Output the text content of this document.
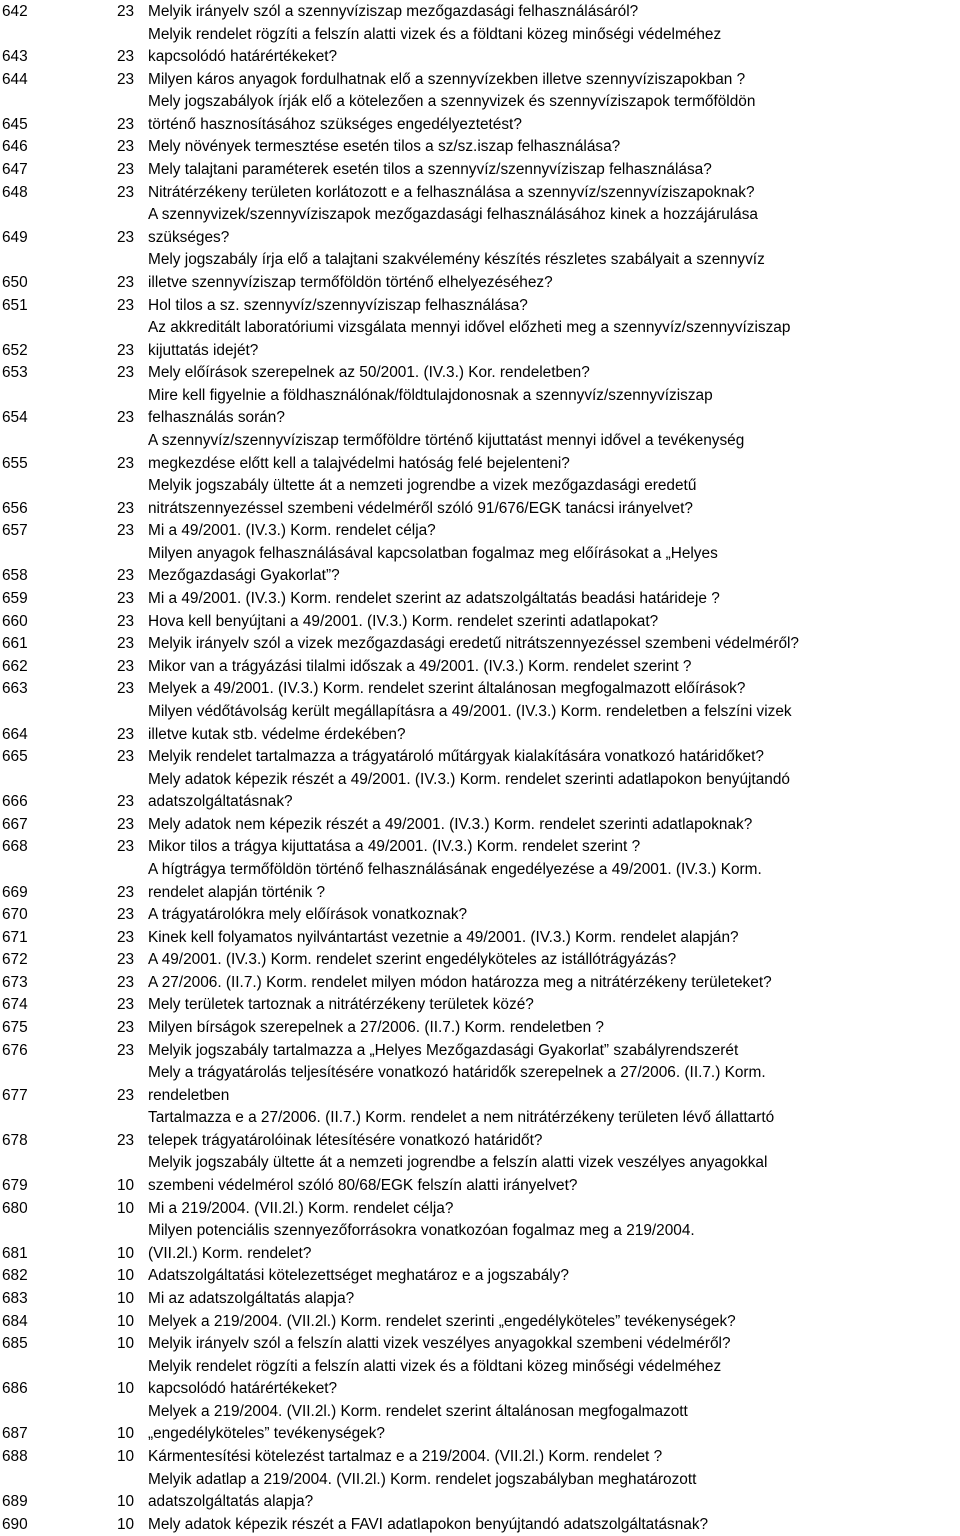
642	23 Melyik irányelv szól a szennyvíziszap mezőgazdasági felhasználásáról?
643	23
Melyik rendelet rögzíti a felszín alatti vizek és a földtani közeg minőségi védelméhez
kapcsolódó határértékeket?
644	23 Milyen káros anyagok fordulhatnak elő a szennyvízekben illetve szennyvíziszapokban ?
645	23
Mely jogszabályok írják elő a kötelezően a szennyvizek és szennyvíziszapok termőföldön
történő hasznosításához szükséges engedélyeztetést?
646	23 Mely növények termesztése esetén tilos a sz/sz.iszap felhasználása?
647	23 Mely talajtani paraméterek esetén tilos a szennyvíz/szennyvíziszap felhasználása?
648	23 Nitrátérzékeny területen korlátozott e a felhasználása a szennyvíz/szennyvíziszapoknak?
649	23
A szennyvizek/szennyvíziszapok mezőgazdasági felhasználásához kinek a hozzájárulása
szükséges?
650	23
Mely jogszabály írja elő a talajtani szakvélemény készítés részletes szabályait a szennyvíz
illetve szennyvíziszap termőföldön történő elhelyezéséhez?
651	23 Hol tilos a sz. szennyvíz/szennyvíziszap felhasználása?
652	23
Az akkreditált laboratóriumi vizsgálata mennyi idővel előzheti meg a szennyvíz/szennyvíziszap
kijuttatás idejét?
653	23 Mely előírások szerepelnek az 50/2001. (IV.3.) Kor. rendeletben?
654	23
Mire kell figyelnie a földhasználónak/földtulajdonosnak a szennyvíz/szennyvíziszap
felhasználás során?
655	23
A szennyvíz/szennyvíziszap termőföldre történő kijuttatást mennyi idővel a tevékenység
megkezdése előtt kell a talajvédelmi hatóság felé bejelenteni?
656	23
Melyik jogszabály ültette át a nemzeti jogrendbe a vizek mezőgazdasági eredetű
nitrátszennyezéssel szembeni védelméről szóló 91/676/EGK tanácsi irányelvet?
657	23 Mi a 49/2001. (IV.3.) Korm. rendelet célja?
658	23
Milyen anyagok felhasználásával kapcsolatban fogalmaz meg előírásokat a „Helyes
Mezőgazdasági Gyakorlat”?
659	23 Mi a 49/2001. (IV.3.) Korm. rendelet szerint az adatszolgáltatás beadási határideje ?
660	23 Hova kell benyújtani a 49/2001. (IV.3.) Korm. rendelet szerinti adatlapokat?
661	23 Melyik irányelv szól a vizek mezőgazdasági eredetű nitrátszennyezéssel szembeni védelméről?
662	23 Mikor van a trágyázási tilalmi időszak a 49/2001. (IV.3.) Korm. rendelet szerint ?
663	23 Melyek a 49/2001. (IV.3.) Korm. rendelet szerint általánosan megfogalmazott előírások?
664	23
Milyen védőtávolság került megállapításra a 49/2001. (IV.3.) Korm. rendeletben a felszíni vizek
illetve kutak stb. védelme érdekében?
665	23 Melyik rendelet tartalmazza a trágyatároló műtárgyak kialakítására vonatkozó határidőket?
666	23
Mely adatok képezik részét a 49/2001. (IV.3.) Korm. rendelet szerinti adatlapokon benyújtandó
adatszolgáltatásnak?
667	23 Mely adatok nem képezik részét a 49/2001. (IV.3.) Korm. rendelet szerinti adatlapoknak?
668	23 Mikor tilos a trágya kijuttatása a 49/2001. (IV.3.) Korm. rendelet szerint ?
669	23
A hígtrágya termőföldön történő felhasználásának engedélyezése a 49/2001. (IV.3.) Korm.
rendelet alapján történik ?
670	23 A trágyatárolókra mely előírások vonatkoznak?
671	23 Kinek kell folyamatos nyilvántartást vezetnie a 49/2001. (IV.3.) Korm. rendelet alapján?
672	23 A 49/2001. (IV.3.) Korm. rendelet szerint engedélyköteles az istállótrágyázás?
673	23 A 27/2006. (II.7.) Korm. rendelet milyen módon határozza meg a nitrátérzékeny területeket?
674	23 Mely területek tartoznak a nitrátérzékeny területek közé?
675	23 Milyen bírságok szerepelnek a 27/2006. (II.7.) Korm. rendeletben ?
676	23 Melyik jogszabály tartalmazza a „Helyes Mezőgazdasági Gyakorlat” szabályrendszerét
677	23
Mely a trágyatárolás teljesítésére vonatkozó határidők szerepelnek a 27/2006. (II.7.) Korm.
rendeletben
678	23
Tartalmazza e a 27/2006. (II.7.) Korm. rendelet a nem nitrátérzékeny területen lévő állattartó
telepek trágyatárolóinak létesítésére vonatkozó határidőt?
679	10
Melyik jogszabály ültette át a nemzeti jogrendbe a felszín alatti vizek veszélyes anyagokkal
szembeni védelmérol szóló 80/68/EGK felszín alatti irányelvet?
680	10 Mi a 219/2004. (VII.2l.) Korm. rendelet célja?
681	10
Milyen potenciális szennyezőforrásokra vonatkozóan fogalmaz meg a 219/2004.
(VII.2l.) Korm. rendelet?
682	10 Adatszolgáltatási kötelezettséget meghatároz e a jogszabály?
683	10 Mi az adatszolgáltatás alapja?
684	10 Melyek a 219/2004. (VII.2l.) Korm. rendelet szerinti „engedélyköteles” tevékenységek?
685	10 Melyik irányelv szól a felszín alatti vizek veszélyes anyagokkal szembeni védelméről?
686	10
Melyik rendelet rögzíti a felszín alatti vizek és a földtani közeg minőségi védelméhez
kapcsolódó határértékeket?
687	10
Melyek a 219/2004. (VII.2l.) Korm. rendelet szerint általánosan megfogalmazott
„engedélyköteles” tevékenységek?
688	10 Kármentesítési kötelezést tartalmaz e a 219/2004. (VII.2l.) Korm. rendelet ?
689	10
Melyik adatlap a 219/2004. (VII.2l.) Korm. rendelet jogszabályban meghatározott
adatszolgáltatás alapja?
690	10 Mely adatok képezik részét a FAVI adatlapokon benyújtandó adatszolgáltatásnak?
